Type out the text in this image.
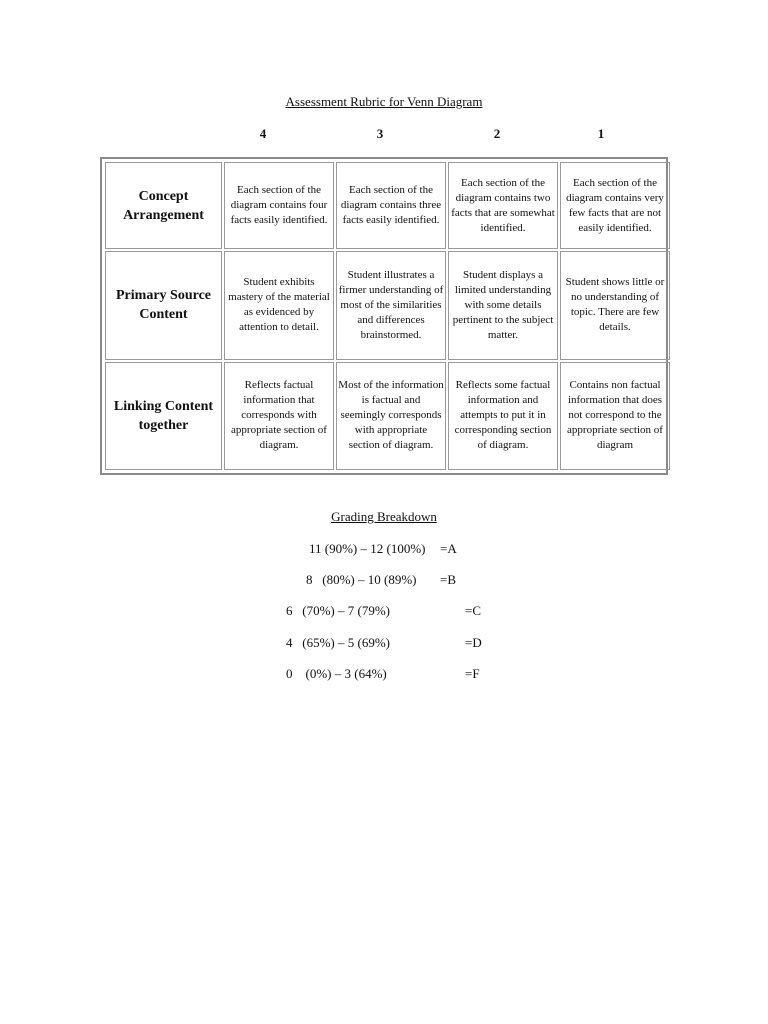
Assessment Rubric for Venn Diagram
4	3	2	1
Concept Arrangement	Each section of the diagram contains four facts easily identified.	Each section of the diagram contains three facts easily identified.	Each section of the diagram contains two facts that are somewhat identified.	Each section of the diagram contains very few facts that are not easily identified.
Primary Source Content	Student exhibits mastery of the material as evidenced by attention to detail.	Student illustrates a firmer understanding of most of the similarities and differences brainstormed.	Student displays a limited understanding with some details pertinent to the subject matter.	Student shows little or no understanding of topic. There are few details.
Linking Content together	Reflects factual information that corresponds with appropriate section of diagram.	Most of the information is factual and seemingly corresponds with appropriate section of diagram.	Reflects some factual information and attempts to put it in corresponding section of diagram.	Contains non factual information that does not correspond to the appropriate section of diagram
Grading Breakdown
11 (90%) – 12 (100%) =A
8   (80%) – 10 (89%) =B
6   (70%) – 7 (79%)	=C
4   (65%) – 5 (69%)	=D
0    (0%) – 3 (64%)	=F
